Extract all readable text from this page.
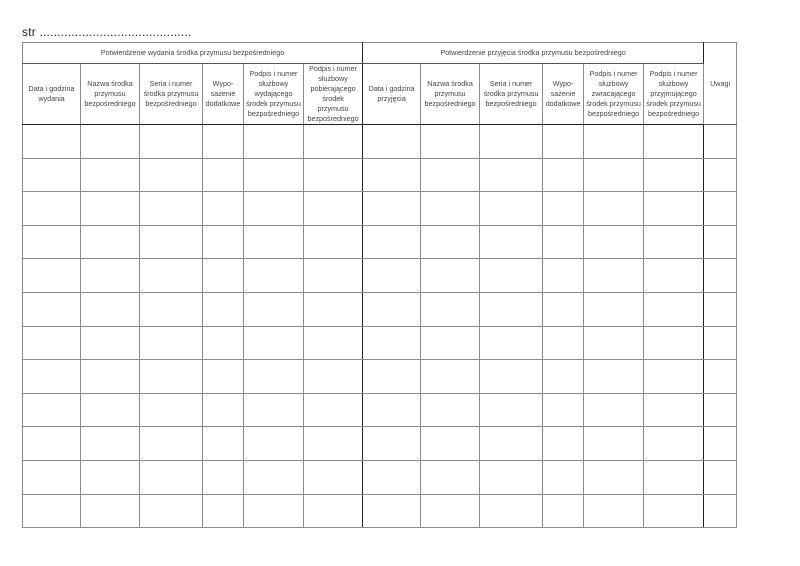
str ...........................................
Potwierdzenie wydania środka przymusu bezpośredniego						Potwierdzenie przyjęcia środka przymusu bezpośredniego						Uwagi

Data i godzina wydania	Nazwa środka przymusu bezpośredniego	Seria i numer środka przymusu bezpośredniego	Wypo-sażenie dodatkowe	Podpis i numer służbowy wydającego środek przymusu bezpośredniego	Podpis i numer służbowy pobierającego środek przymusu bezpośredniego	Data i godzina przyjęcia	Nazwa środka przymusu bezpośredniego	Seria i numer środka przymusu bezpośredniego	Wypo-sażenie dodatkowe	Podpis i numer służbowy zwracającego środek przymusu bezpośredniego	Podpis i numer służbowy przyjmującego środek przymusu bezpośredniego	
